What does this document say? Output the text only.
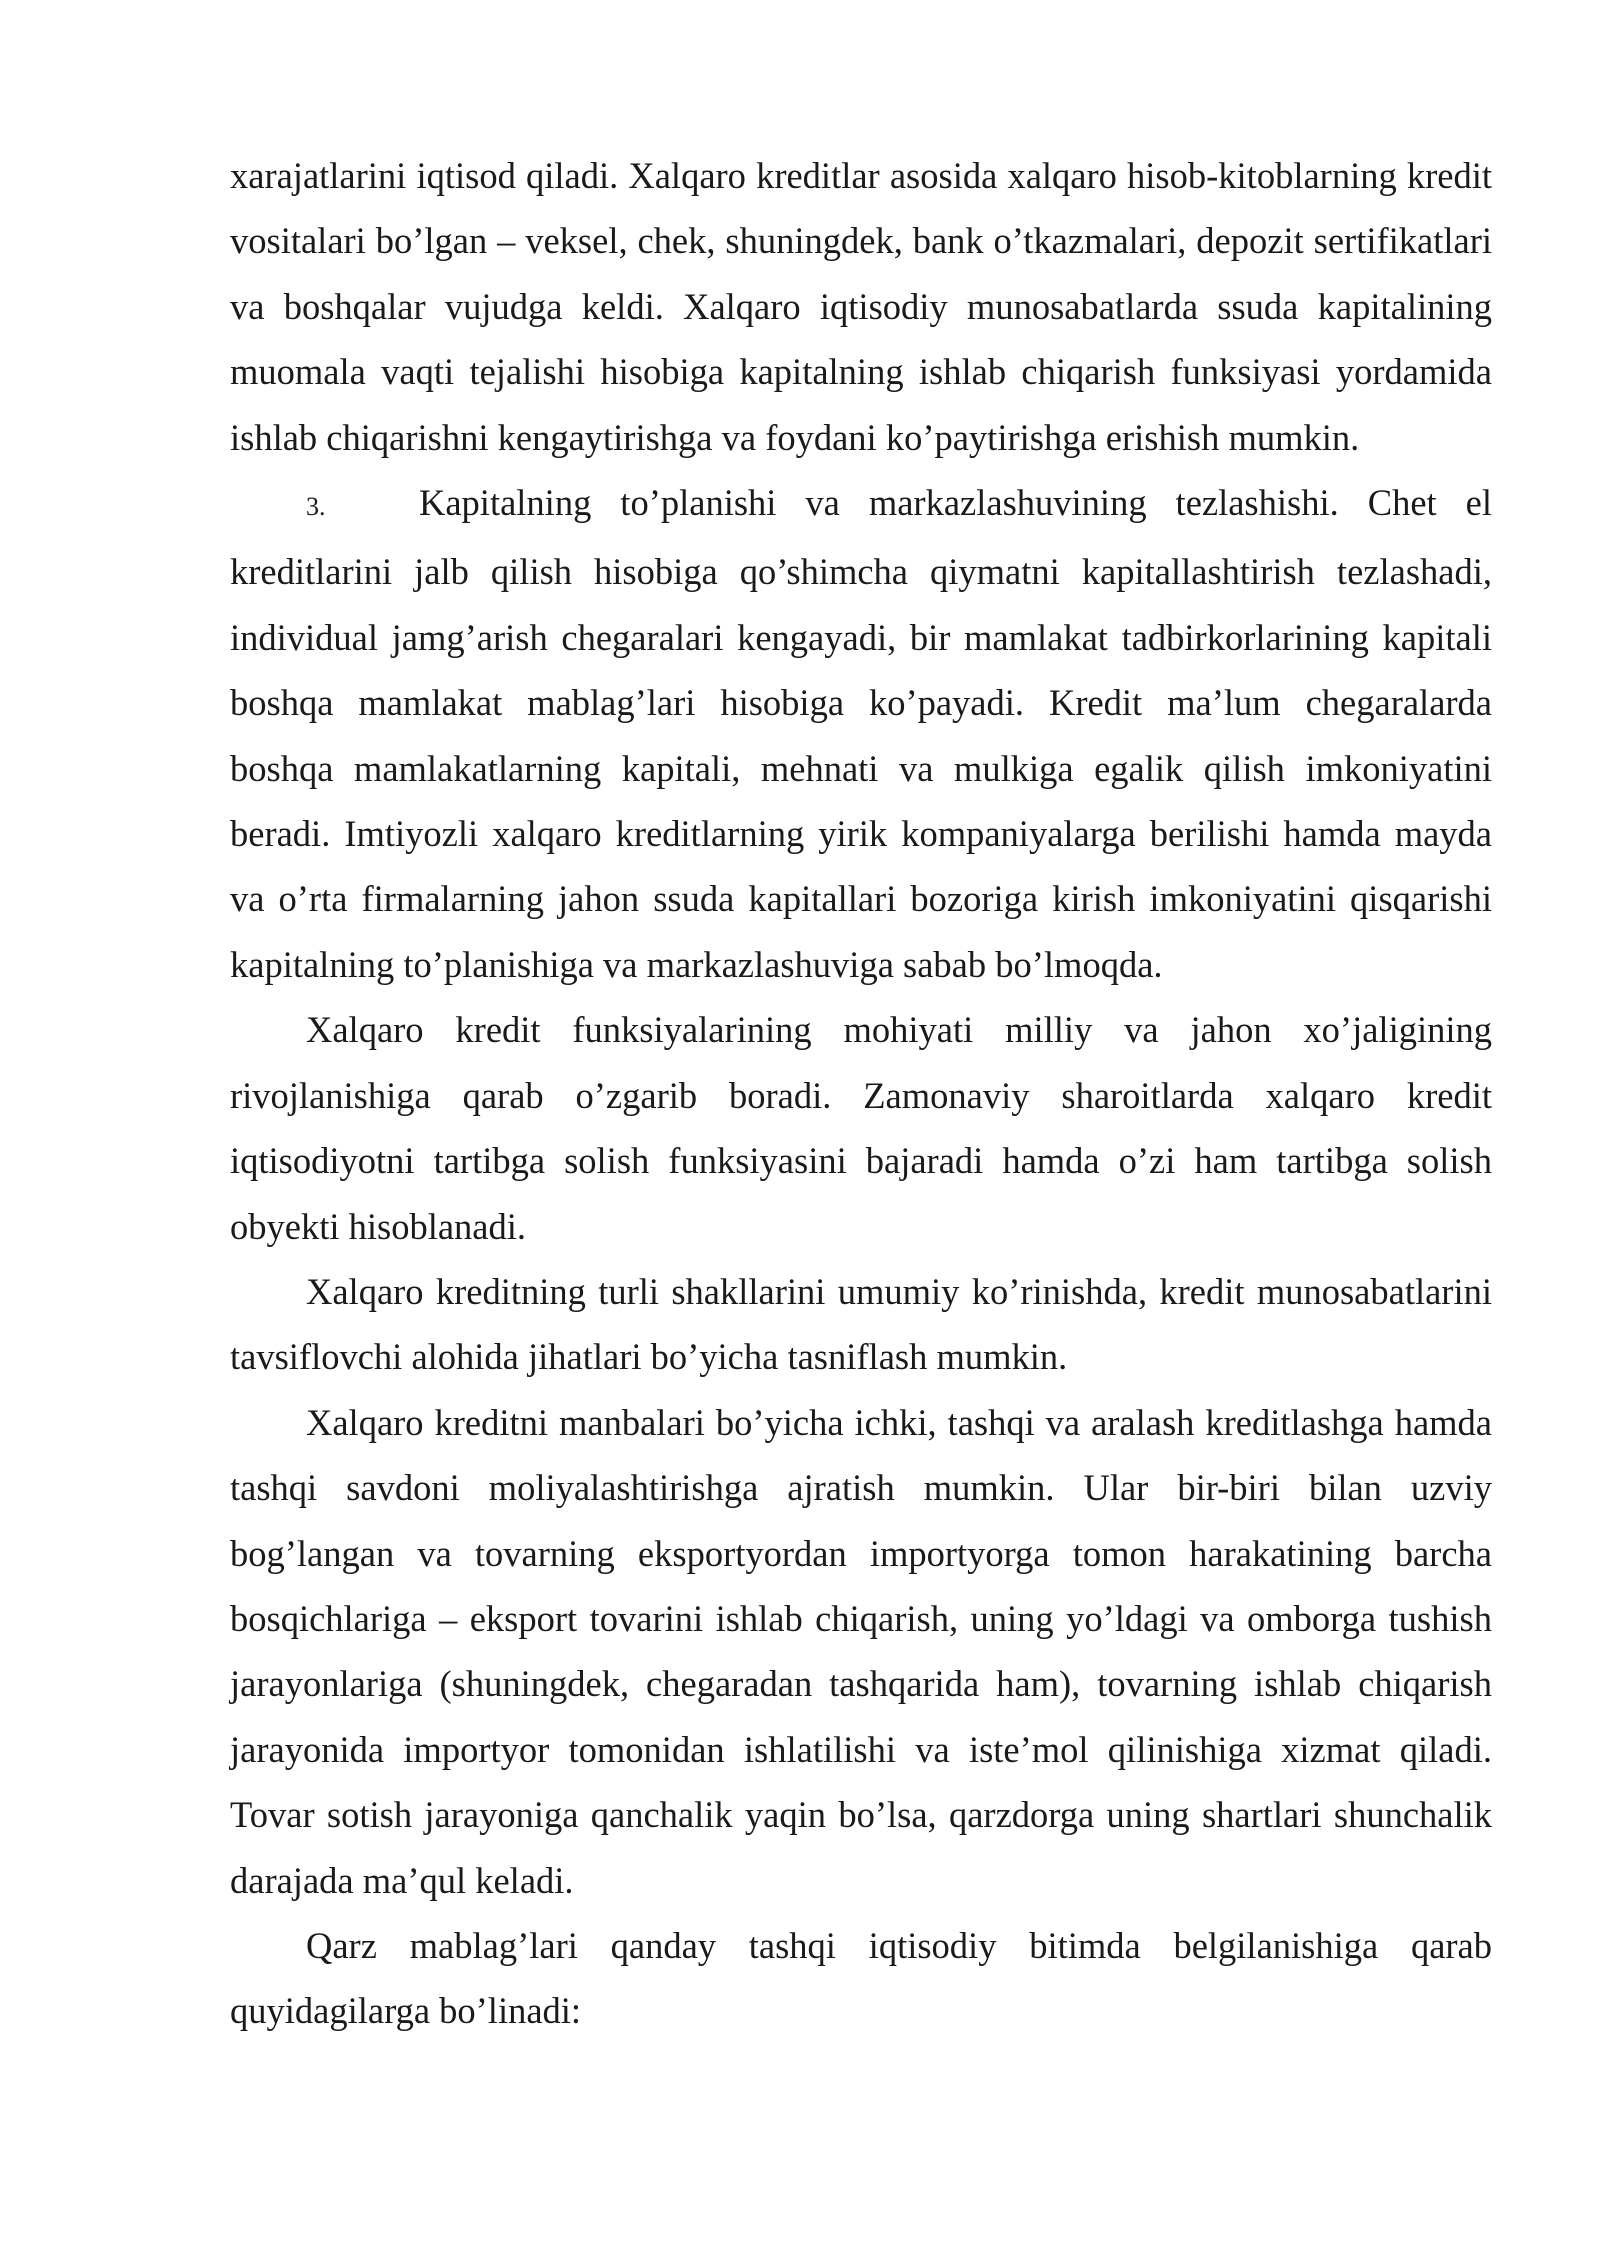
xarajatlarini iqtisod qiladi. Xalqaro kreditlar asosida xalqaro hisob-kitoblarning kredit vositalari bo’lgan – veksel, chek, shuningdek, bank o’tkazmalari, depozit sertifikatlari va boshqalar vujudga keldi. Xalqaro iqtisodiy munosabatlarda ssuda kapitalining muomala vaqti tejalishi hisobiga kapitalning ishlab chiqarish funksiyasi yordamida ishlab chiqarishni kengaytirishga va foydani ko’paytirishga erishish mumkin.

3.	Kapitalning to’planishi va markazlashuvining tezlashishi. Chet el kreditlarini jalb qilish hisobiga qo’shimcha qiymatni kapitallashtirish tezlashadi, individual jamg’arish chegaralari kengayadi, bir mamlakat tadbirkorlarining kapitali boshqa mamlakat mablag’lari hisobiga ko’payadi. Kredit ma’lum chegaralarda boshqa mamlakatlarning kapitali, mehnati va mulkiga egalik qilish imkoniyatini beradi. Imtiyozli xalqaro kreditlarning yirik kompaniyalarga berilishi hamda mayda va o’rta firmalarning jahon ssuda kapitallari bozoriga kirish imkoniyatini qisqarishi kapitalning to’planishiga va markazlashuviga sabab bo’lmoqda.

Xalqaro kredit funksiyalarining mohiyati milliy va jahon xo’jaligining rivojlanishiga qarab o’zgarib boradi. Zamonaviy sharoitlarda xalqaro kredit iqtisodiyotni tartibga solish funksiyasini bajaradi hamda o’zi ham tartibga solish obyekti hisoblanadi.

Xalqaro kreditning turli shakllarini umumiy ko’rinishda, kredit munosabatlarini tavsiflovchi alohida jihatlari bo’yicha tasniflash mumkin.

Xalqaro kreditni manbalari bo’yicha ichki, tashqi va aralash kreditlashga hamda tashqi savdoni moliyalashtirishga ajratish mumkin. Ular bir-biri bilan uzviy bog’langan va tovarning eksportyordan importyorga tomon harakatining barcha bosqichlariga – eksport tovarini ishlab chiqarish, uning yo’ldagi va omborga tushish jarayonlariga (shuningdek, chegaradan tashqarida ham), tovarning ishlab chiqarish jarayonida importyor tomonidan ishlatilishi va iste’mol qilinishiga xizmat qiladi. Tovar sotish jarayoniga qanchalik yaqin bo’lsa, qarzdorga uning shartlari shunchalik darajada ma’qul keladi.

Qarz mablag’lari qanday tashqi iqtisodiy bitimda belgilanishiga qarab quyidagilarga bo’linadi:
